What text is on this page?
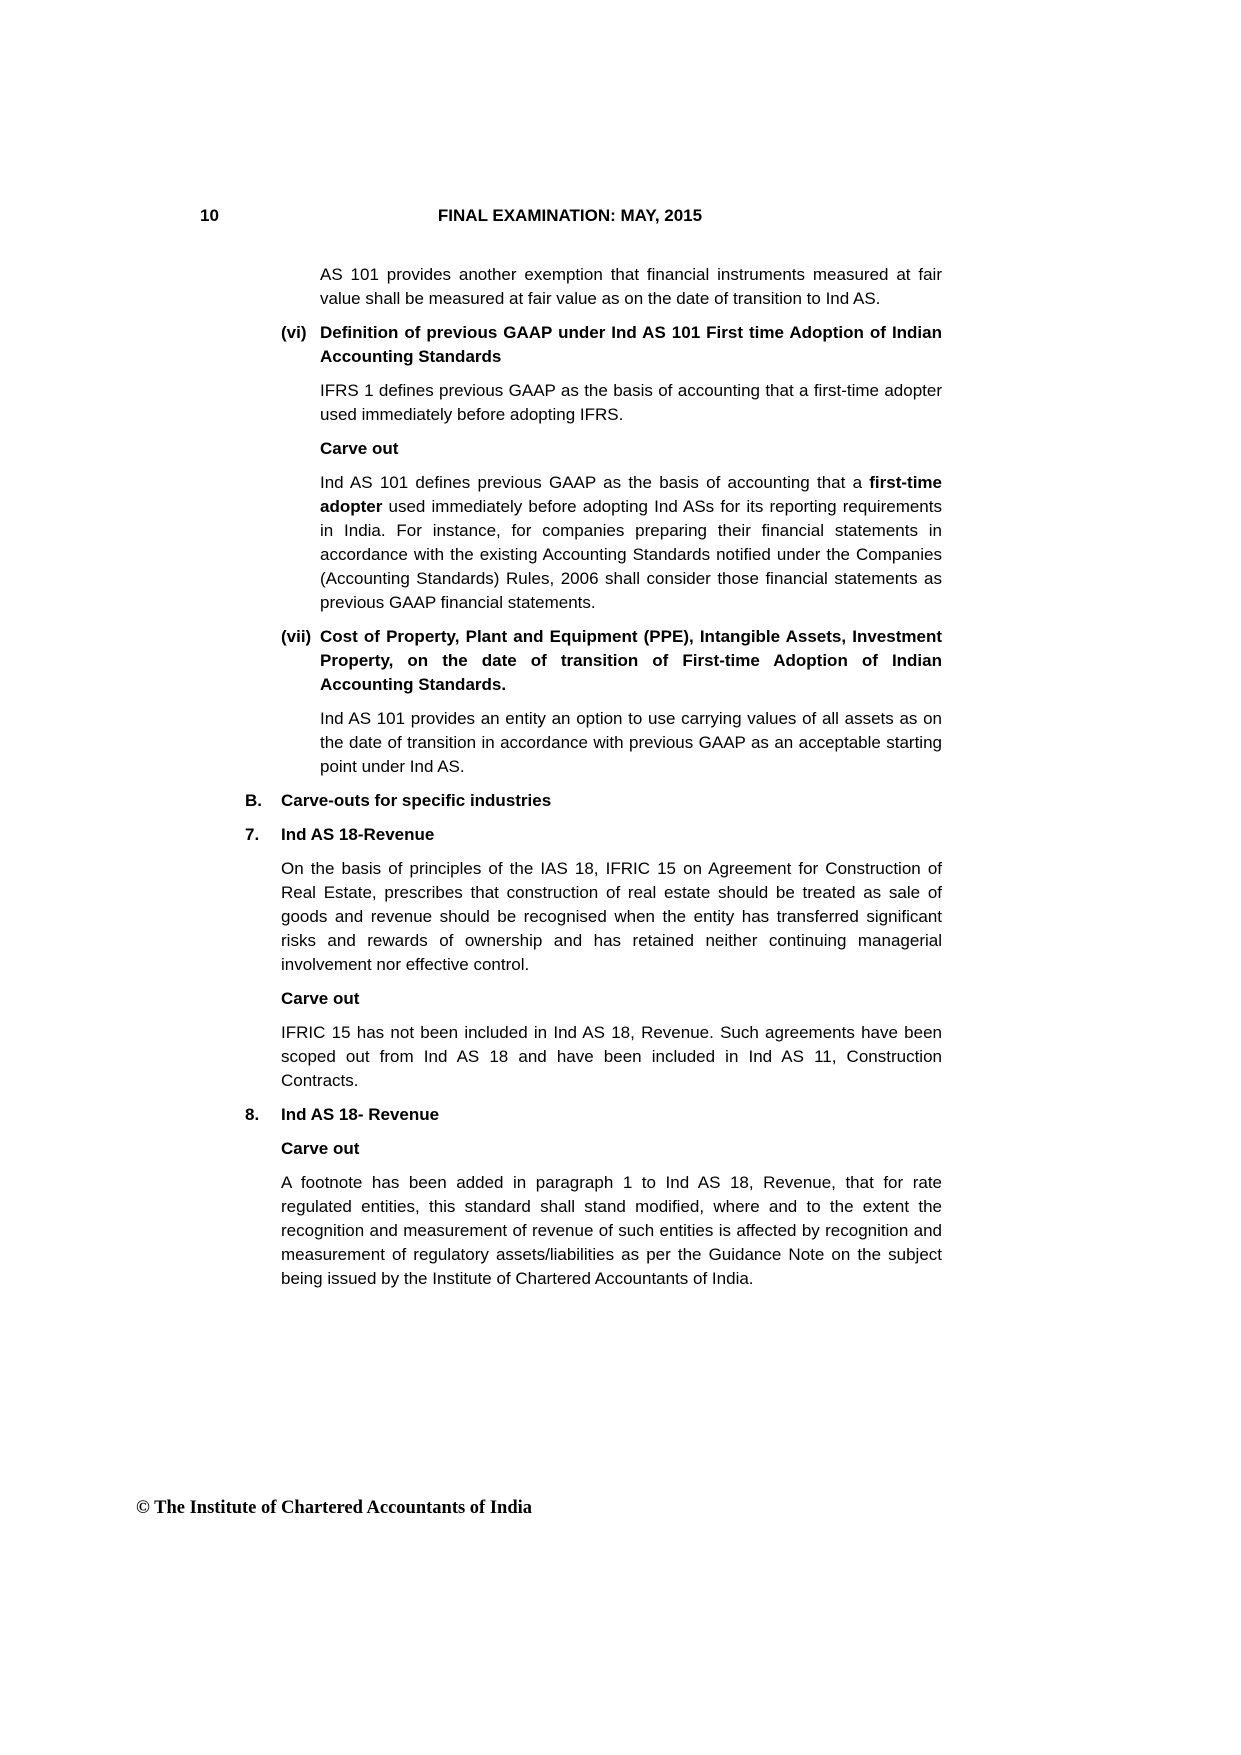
10	FINAL EXAMINATION: MAY, 2015

AS 101 provides another exemption that financial instruments measured at fair value shall be measured at fair value as on the date of transition to Ind AS.

(vi) Definition of previous GAAP under Ind AS 101 First time Adoption of Indian Accounting Standards

IFRS 1 defines previous GAAP as the basis of accounting that a first-time adopter used immediately before adopting IFRS.

Carve out

Ind AS 101 defines previous GAAP as the basis of accounting that a first-time adopter used immediately before adopting Ind ASs for its reporting requirements in India. For instance, for companies preparing their financial statements in accordance with the existing Accounting Standards notified under the Companies (Accounting Standards) Rules, 2006 shall consider those financial statements as previous GAAP financial statements.

(vii) Cost of Property, Plant and Equipment (PPE), Intangible Assets, Investment Property, on the date of transition of First-time Adoption of Indian Accounting Standards.

Ind AS 101 provides an entity an option to use carrying values of all assets as on the date of transition in accordance with previous GAAP as an acceptable starting point under Ind AS.

B.	Carve-outs for specific industries

7.	Ind AS 18-Revenue

On the basis of principles of the IAS 18, IFRIC 15 on Agreement for Construction of Real Estate, prescribes that construction of real estate should be treated as sale of goods and revenue should be recognised when the entity has transferred significant risks and rewards of ownership and has retained neither continuing managerial involvement nor effective control.

Carve out

IFRIC 15 has not been included in Ind AS 18, Revenue. Such agreements have been scoped out from Ind AS 18 and have been included in Ind AS 11, Construction Contracts.

8.	Ind AS 18- Revenue

Carve out

A footnote has been added in paragraph 1 to Ind AS 18, Revenue, that for rate regulated entities, this standard shall stand modified, where and to the extent the recognition and measurement of revenue of such entities is affected by recognition and measurement of regulatory assets/liabilities as per the Guidance Note on the subject being issued by the Institute of Chartered Accountants of India.

© The Institute of Chartered Accountants of India
